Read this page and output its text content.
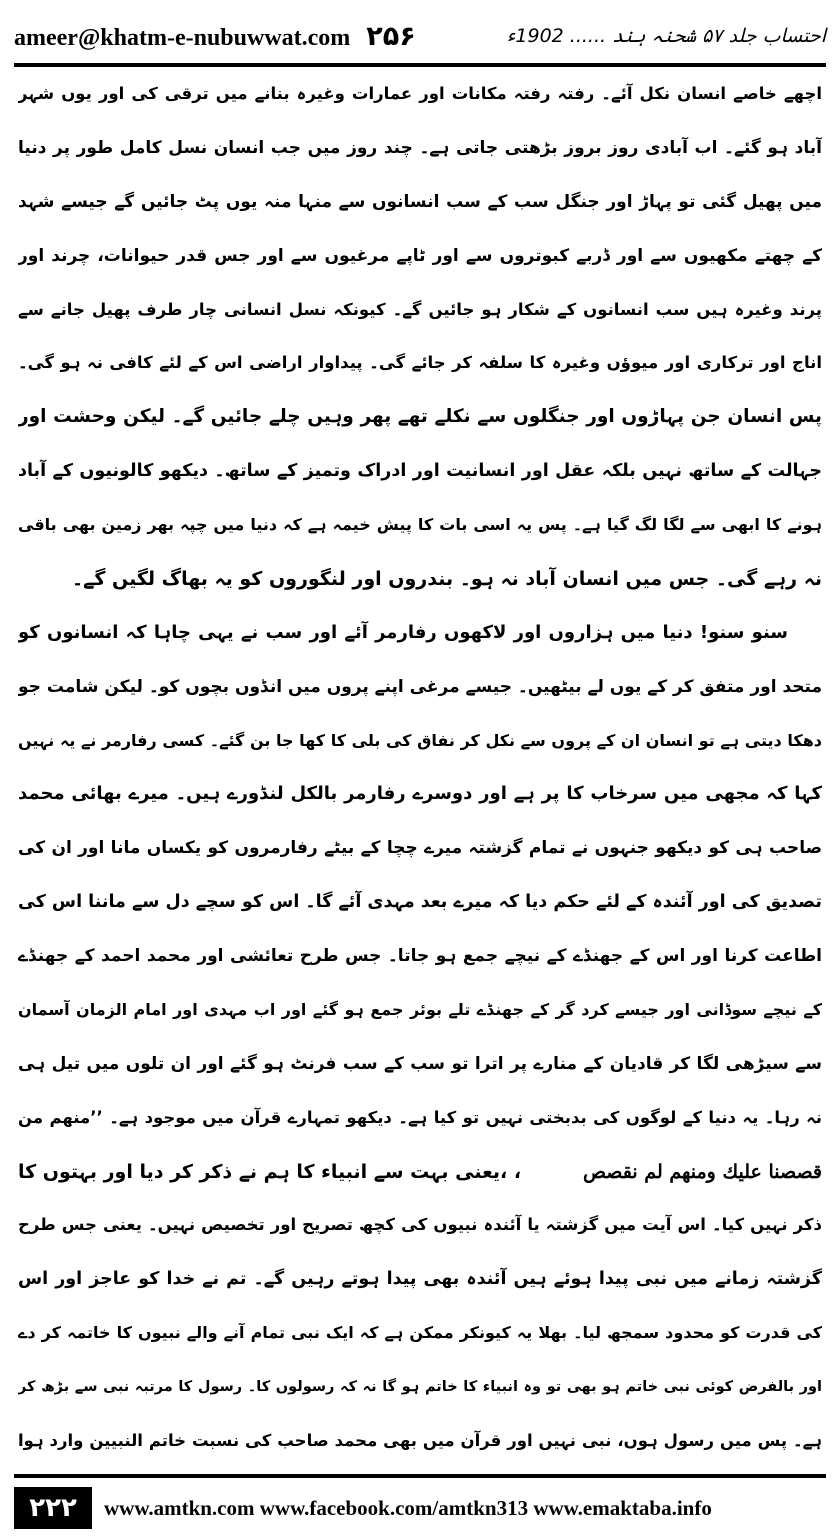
ameer@khatm-e-nubuwwat.com ۲۵۶	احتساب جلد ۵۷ شحنہ ہند ...... 1902ء
اچھے خاصے انسان نکل آئے۔ رفتہ رفتہ مکانات اور عمارات وغیرہ بنانے میں ترقی کی اور یوں شہر
آباد ہو گئے۔ اب آبادی روز بروز بڑھتی جاتی ہے۔ چند روز میں جب انسان نسل کامل طور پر دنیا
میں پھیل گئی تو پہاڑ اور جنگل سب کے سب انسانوں سے منہا منہ یوں پٹ جائیں گے جیسے شہد
کے چھتے مکھیوں سے اور ڈربے کبوتروں سے اور ٹاپے مرغیوں سے اور جس قدر حیوانات، چرند اور
پرند وغیرہ ہیں سب انسانوں کے شکار ہو جائیں گے۔ کیونکہ نسل انسانی چار طرف پھیل جانے سے
اناج اور ترکاری اور میوؤں وغیرہ کا سلفہ کر جائے گی۔ پیداوار اراضی اس کے لئے کافی نہ ہو گی۔
پس انسان جن پہاڑوں اور جنگلوں سے نکلے تھے پھر وہیں چلے جائیں گے۔ لیکن وحشت اور
جہالت کے ساتھ نہیں بلکہ عقل اور انسانیت اور ادراک وتمیز کے ساتھ۔ دیکھو کالونیوں کے آباد
ہونے کا ابھی سے لگا لگ گیا ہے۔ پس یہ اسی بات کا پیش خیمہ ہے کہ دنیا میں چپہ بھر زمین بھی باقی
نہ رہے گی۔ جس میں انسان آباد نہ ہو۔ بندروں اور لنگوروں کو یہ بھاگ لگیں گے۔
سنو سنو! دنیا میں ہزاروں اور لاکھوں رفارمر آئے اور سب نے یہی چاہا کہ انسانوں کو
متحد اور متفق کر کے یوں لے بیٹھیں۔ جیسے مرغی اپنے پروں میں انڈوں بچوں کو۔ لیکن شامت جو
دھکا دیتی ہے تو انسان ان کے پروں سے نکل کر نفاق کی بلی کا کھا جا بن گئے۔ کسی رفارمر نے یہ نہیں
کہا کہ مجھی میں سرخاب کا پر ہے اور دوسرے رفارمر بالکل لنڈورے ہیں۔ میرے بھائی محمد
صاحب ہی کو دیکھو جنہوں نے تمام گزشتہ میرے چچا کے بیٹے رفارمروں کو یکساں مانا اور ان کی
تصدیق کی اور آئندہ کے لئے حکم دیا کہ میرے بعد مہدی آئے گا۔ اس کو سچے دل سے ماننا اس کی
اطاعت کرنا اور اس کے جھنڈے کے نیچے جمع ہو جاتا۔ جس طرح تعائشی اور محمد احمد کے جھنڈے
کے نیچے سوڈانی اور جیسے کرد گر کے جھنڈے تلے بوئر جمع ہو گئے اور اب مہدی اور امام الزمان آسمان
سے سیڑھی لگا کر قادیان کے منارے پر اترا تو سب کے سب فرنٹ ہو گئے اور ان تلوں میں تیل ہی
نہ رہا۔ یہ دنیا کے لوگوں کی بدبختی نہیں تو کیا ہے۔ دیکھو تمہارے قرآن میں موجود ہے۔ ’’منهم من
قصصنا عليك ومنهم لم نقصص
، ،یعنی بہت سے انبیاء کا ہم نے ذکر کر دیا اور بہتوں کا
ذکر نہیں کیا۔ اس آیت میں گزشتہ یا آئندہ نبیوں کی کچھ تصریح اور تخصیص نہیں۔ یعنی جس طرح
گزشتہ زمانے میں نبی پیدا ہوئے ہیں آئندہ بھی پیدا ہوتے رہیں گے۔ تم نے خدا کو عاجز اور اس
کی قدرت کو محدود سمجھ لیا۔ بھلا یہ کیونکر ممکن ہے کہ ایک نبی تمام آنے والے نبیوں کا خاتمہ کر دے
اور بالفرض کوئی نبی خاتم ہو بھی تو وہ انبیاء کا خاتم ہو گا نہ کہ رسولوں کا۔ رسول کا مرتبہ نبی سے بڑھ کر
ہے۔ پس میں رسول ہوں، نبی نہیں اور قرآن میں بھی محمد صاحب کی نسبت خاتم النبیین وارد ہوا
۲۲۲	www.amtkn.com www.facebook.com/amtkn313 www.emaktaba.info
